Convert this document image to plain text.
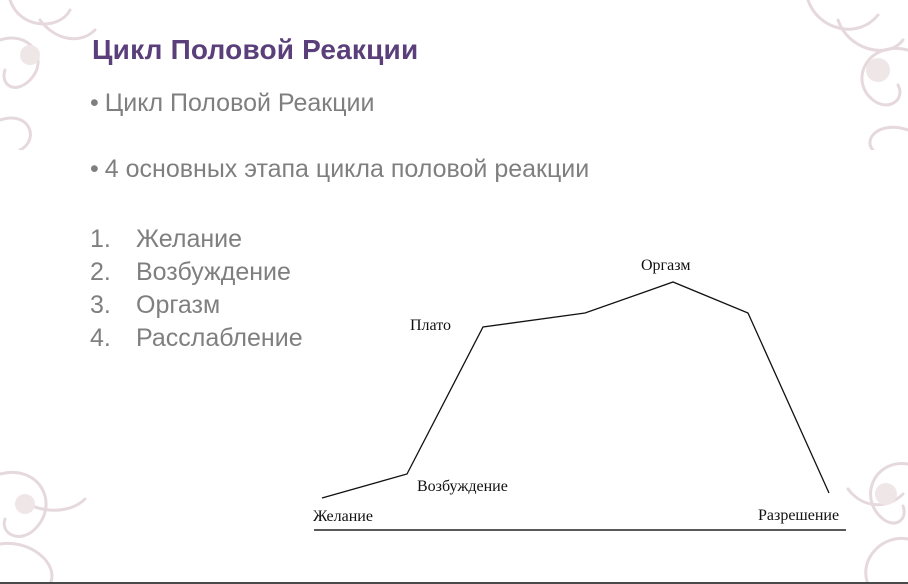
Цикл Половой Реакции
• Цикл Половой Реакции
• 4 основных этапа цикла половой реакции
1. Желание
2. Возбуждение
3. Оргазм
4. Расслабление
Желание
Возбуждение
Плато
Оргазм
Разрешение
